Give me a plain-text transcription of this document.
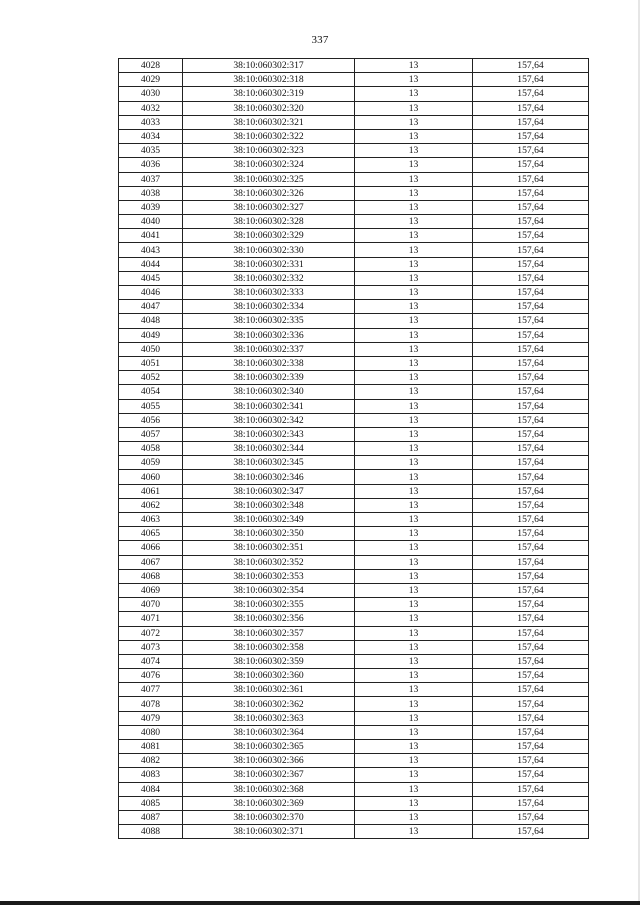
337
4028	38:10:060302:317	13	157,64
4029	38:10:060302:318	13	157,64
4030	38:10:060302:319	13	157,64
4032	38:10:060302:320	13	157,64
4033	38:10:060302:321	13	157,64
4034	38:10:060302:322	13	157,64
4035	38:10:060302:323	13	157,64
4036	38:10:060302:324	13	157,64
4037	38:10:060302:325	13	157,64
4038	38:10:060302:326	13	157,64
4039	38:10:060302:327	13	157,64
4040	38:10:060302:328	13	157,64
4041	38:10:060302:329	13	157,64
4043	38:10:060302:330	13	157,64
4044	38:10:060302:331	13	157,64
4045	38:10:060302:332	13	157,64
4046	38:10:060302:333	13	157,64
4047	38:10:060302:334	13	157,64
4048	38:10:060302:335	13	157,64
4049	38:10:060302:336	13	157,64
4050	38:10:060302:337	13	157,64
4051	38:10:060302:338	13	157,64
4052	38:10:060302:339	13	157,64
4054	38:10:060302:340	13	157,64
4055	38:10:060302:341	13	157,64
4056	38:10:060302:342	13	157,64
4057	38:10:060302:343	13	157,64
4058	38:10:060302:344	13	157,64
4059	38:10:060302:345	13	157,64
4060	38:10:060302:346	13	157,64
4061	38:10:060302:347	13	157,64
4062	38:10:060302:348	13	157,64
4063	38:10:060302:349	13	157,64
4065	38:10:060302:350	13	157,64
4066	38:10:060302:351	13	157,64
4067	38:10:060302:352	13	157,64
4068	38:10:060302:353	13	157,64
4069	38:10:060302:354	13	157,64
4070	38:10:060302:355	13	157,64
4071	38:10:060302:356	13	157,64
4072	38:10:060302:357	13	157,64
4073	38:10:060302:358	13	157,64
4074	38:10:060302:359	13	157,64
4076	38:10:060302:360	13	157,64
4077	38:10:060302:361	13	157,64
4078	38:10:060302:362	13	157,64
4079	38:10:060302:363	13	157,64
4080	38:10:060302:364	13	157,64
4081	38:10:060302:365	13	157,64
4082	38:10:060302:366	13	157,64
4083	38:10:060302:367	13	157,64
4084	38:10:060302:368	13	157,64
4085	38:10:060302:369	13	157,64
4087	38:10:060302:370	13	157,64
4088	38:10:060302:371	13	157,64
